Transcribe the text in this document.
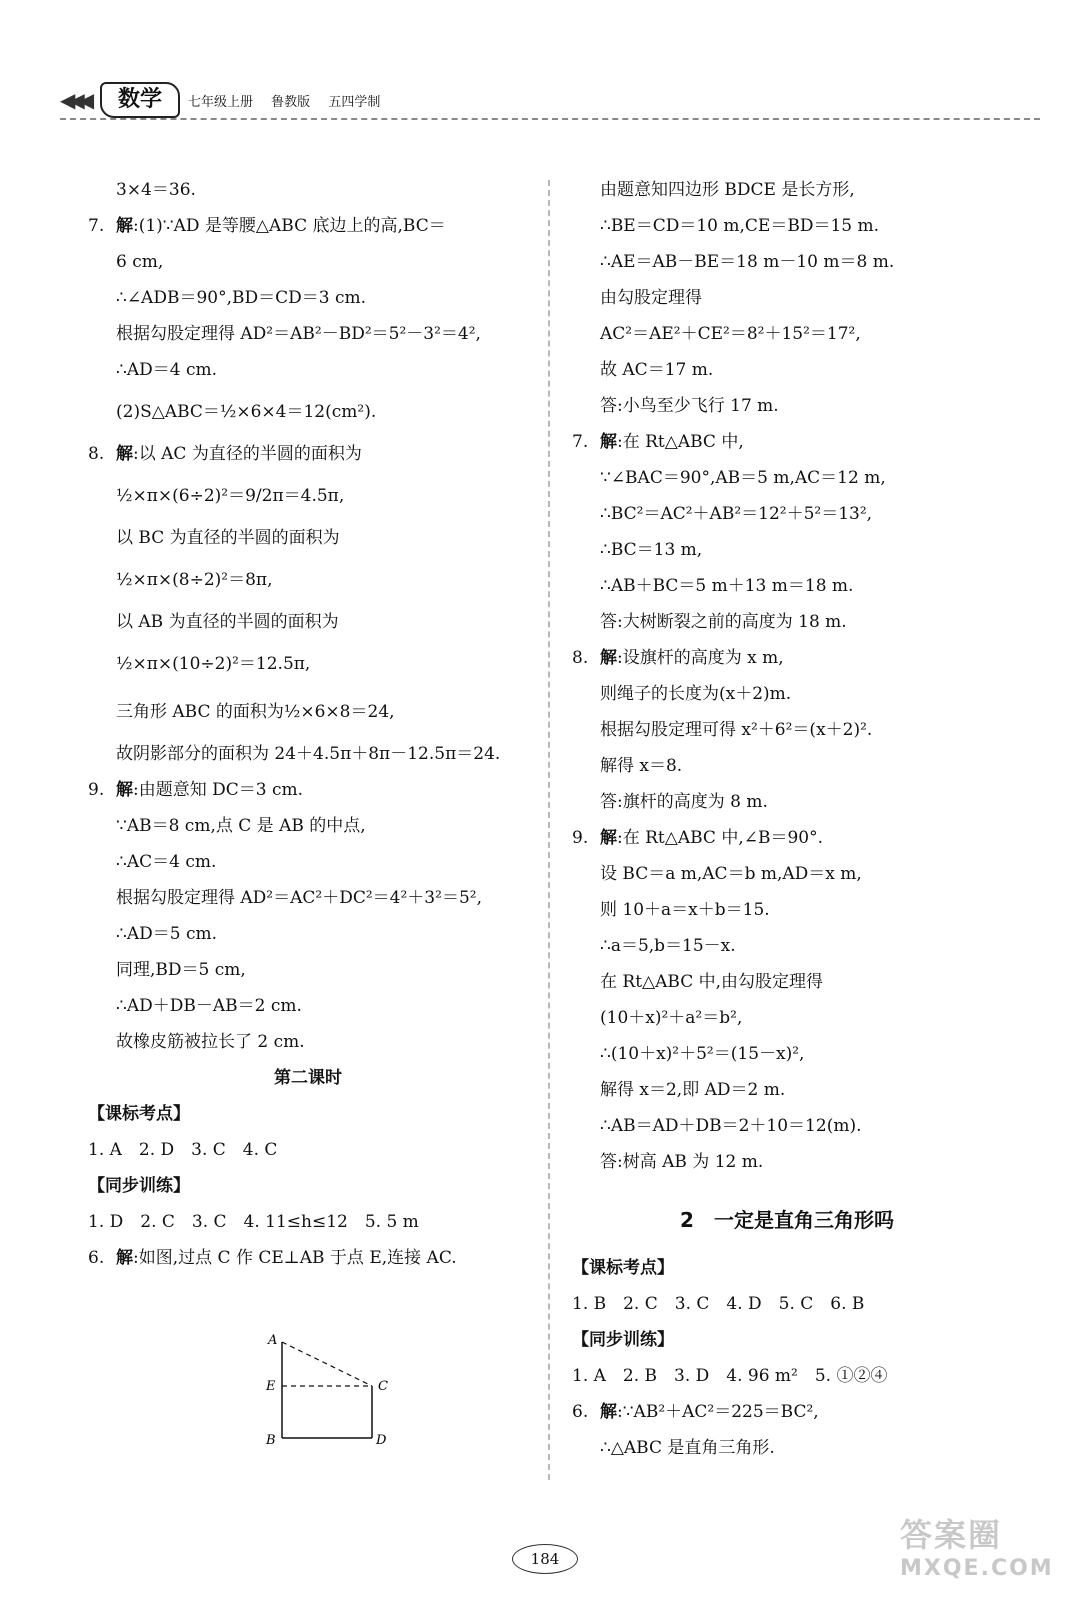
◀◀◀	数学	七年级上册 鲁教版 五四学制
3×4＝36.
7. 解:(1)∵AD 是等腰△ABC 底边上的高,BC＝
6 cm,
∴∠ADB＝90°,BD＝CD＝3 cm.
根据勾股定理得 AD²＝AB²－BD²＝5²－3²＝4²,
∴AD＝4 cm.
(2)S△ABC＝½×6×4＝12(cm²).
8. 解:以 AC 为直径的半圆的面积为
½×π×(6÷2)²＝9/2π＝4.5π,
以 BC 为直径的半圆的面积为
½×π×(8÷2)²＝8π,
以 AB 为直径的半圆的面积为
½×π×(10÷2)²＝12.5π,
三角形 ABC 的面积为½×6×8＝24,
故阴影部分的面积为 24＋4.5π＋8π－12.5π＝24.
9. 解:由题意知 DC＝3 cm.
∵AB＝8 cm,点 C 是 AB 的中点,
∴AC＝4 cm.
根据勾股定理得 AD²＝AC²＋DC²＝4²＋3²＝5²,
∴AD＝5 cm.
同理,BD＝5 cm,
∴AD＋DB－AB＝2 cm.
故橡皮筋被拉长了 2 cm.
第二课时
【课标考点】
1. A　2. D　3. C　4. C
【同步训练】
1. D　2. C　3. C　4. 11≤h≤12　5. 5 m
6. 解:如图,过点 C 作 CE⊥AB 于点 E,连接 AC.
由题意知四边形 BDCE 是长方形,
∴BE＝CD＝10 m,CE＝BD＝15 m.
∴AE＝AB－BE＝18 m－10 m＝8 m.
由勾股定理得
AC²＝AE²＋CE²＝8²＋15²＝17²,
故 AC＝17 m.
答:小鸟至少飞行 17 m.
7. 解:在 Rt△ABC 中,
∵∠BAC＝90°,AB＝5 m,AC＝12 m,
∴BC²＝AC²＋AB²＝12²＋5²＝13²,
∴BC＝13 m,
∴AB＋BC＝5 m＋13 m＝18 m.
答:大树断裂之前的高度为 18 m.
8. 解:设旗杆的高度为 x m,
则绳子的长度为(x＋2)m.
根据勾股定理可得 x²＋6²＝(x＋2)².
解得 x＝8.
答:旗杆的高度为 8 m.
9. 解:在 Rt△ABC 中,∠B＝90°.
设 BC＝a m,AC＝b m,AD＝x m,
则 10＋a＝x＋b＝15.
∴a＝5,b＝15－x.
在 Rt△ABC 中,由勾股定理得
(10＋x)²＋a²＝b²,
∴(10＋x)²＋5²＝(15－x)²,
解得 x＝2,即 AD＝2 m.
∴AB＝AD＋DB＝2＋10＝12(m).
答:树高 AB 为 12 m.
2　一定是直角三角形吗
【课标考点】
1. B　2. C　3. C　4. D　5. C　6. B
【同步训练】
1. A　2. B　3. D　4. 96 m²　5. ①②④
6. 解:∵AB²＋AC²＝225＝BC²,
∴△ABC 是直角三角形.
A
E
B
C
D
184
答案圈
MXQE.COM
